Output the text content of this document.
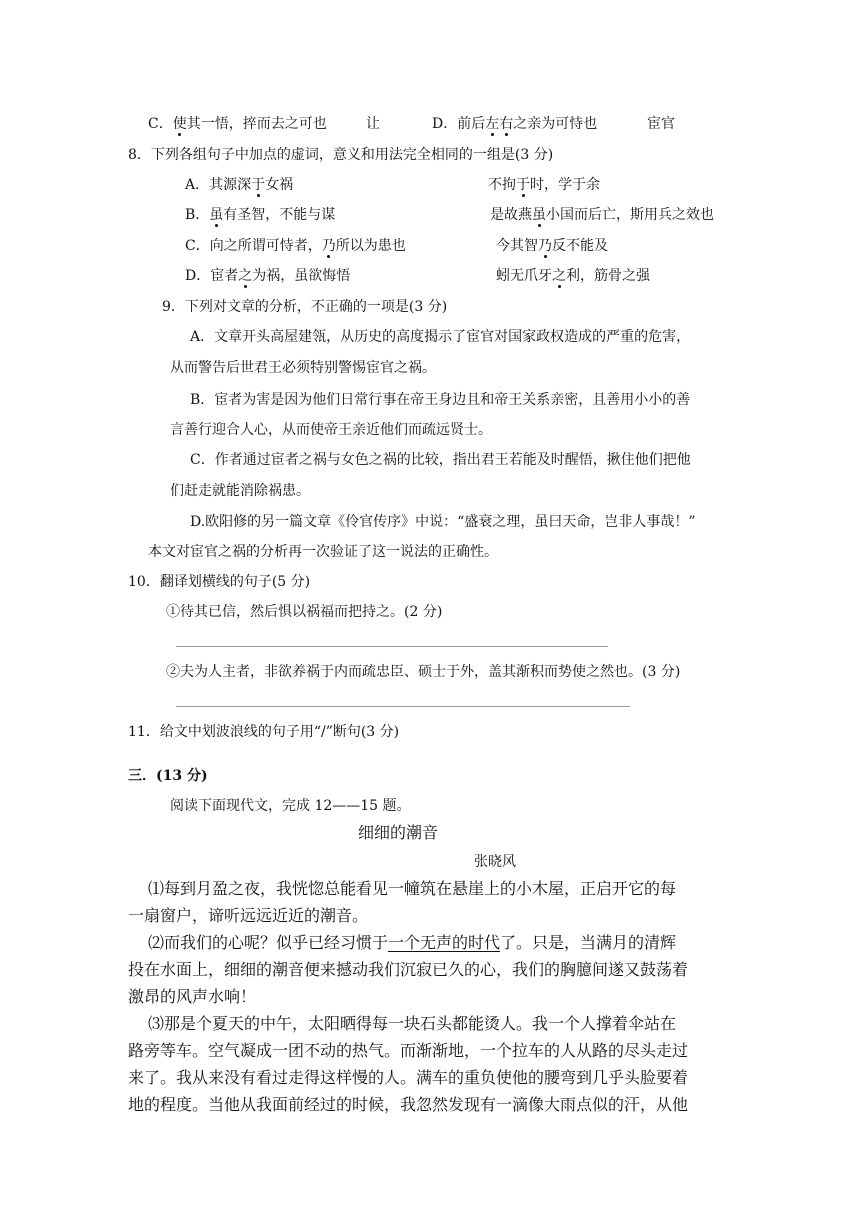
C．使其一悟，捽而去之可也	让	D．前后左右之亲为可恃也	宦官
8．下列各组句子中加点的虚词，意义和用法完全相同的一组是(3 分)
A．其源深于女祸	不拘于时，学于余
B．虽有圣智，不能与谋	是故燕虽小国而后亡，斯用兵之效也
C．向之所谓可恃者，乃所以为患也	今其智乃反不能及
D．宦者之为祸，虽欲悔悟	蚓无爪牙之利，筋骨之强
9．下列对文章的分析，不正确的一项是(3 分)
A．文章开头高屋建瓴，从历史的高度揭示了宦官对国家政权造成的严重的危害，
从而警告后世君王必须特别警惕宦官之祸。
B．宦者为害是因为他们日常行事在帝王身边且和帝王关系亲密，且善用小小的善
言善行迎合人心，从而使帝王亲近他们而疏远贤士。
C．作者通过宦者之祸与女色之祸的比较，指出君王若能及时醒悟，揪住他们把他
们赶走就能消除祸患。
D.欧阳修的另一篇文章《伶官传序》中说：“盛衰之理，虽曰天命，岂非人事哉！”
本文对宦官之祸的分析再一次验证了这一说法的正确性。
10．翻译划横线的句子(5 分)
①待其已信，然后惧以祸福而把持之。(2 分)
②夫为人主者，非欲养祸于内而疏忠臣、硕士于外，盖其渐积而势使之然也。(3 分)
11．给文中划波浪线的句子用“/”断句(3 分)
三．(13 分)
阅读下面现代文，完成 12——15 题。
细细的潮音
张晓风
⑴每到月盈之夜，我恍惚总能看见一幢筑在悬崖上的小木屋，正启开它的每
一扇窗户，谛听远远近近的潮音。
⑵而我们的心呢？似乎已经习惯于一个无声的时代了。只是，当满月的清辉
投在水面上，细细的潮音便来撼动我们沉寂已久的心，我们的胸臆间遂又鼓荡着
激昂的风声水响！
⑶那是个夏天的中午，太阳晒得每一块石头都能烫人。我一个人撑着伞站在
路旁等车。空气凝成一团不动的热气。而渐渐地，一个拉车的人从路的尽头走过
来了。我从来没有看过走得这样慢的人。满车的重负使他的腰弯到几乎头脸要着
地的程度。当他从我面前经过的时候，我忽然发现有一滴像大雨点似的汗，从他
